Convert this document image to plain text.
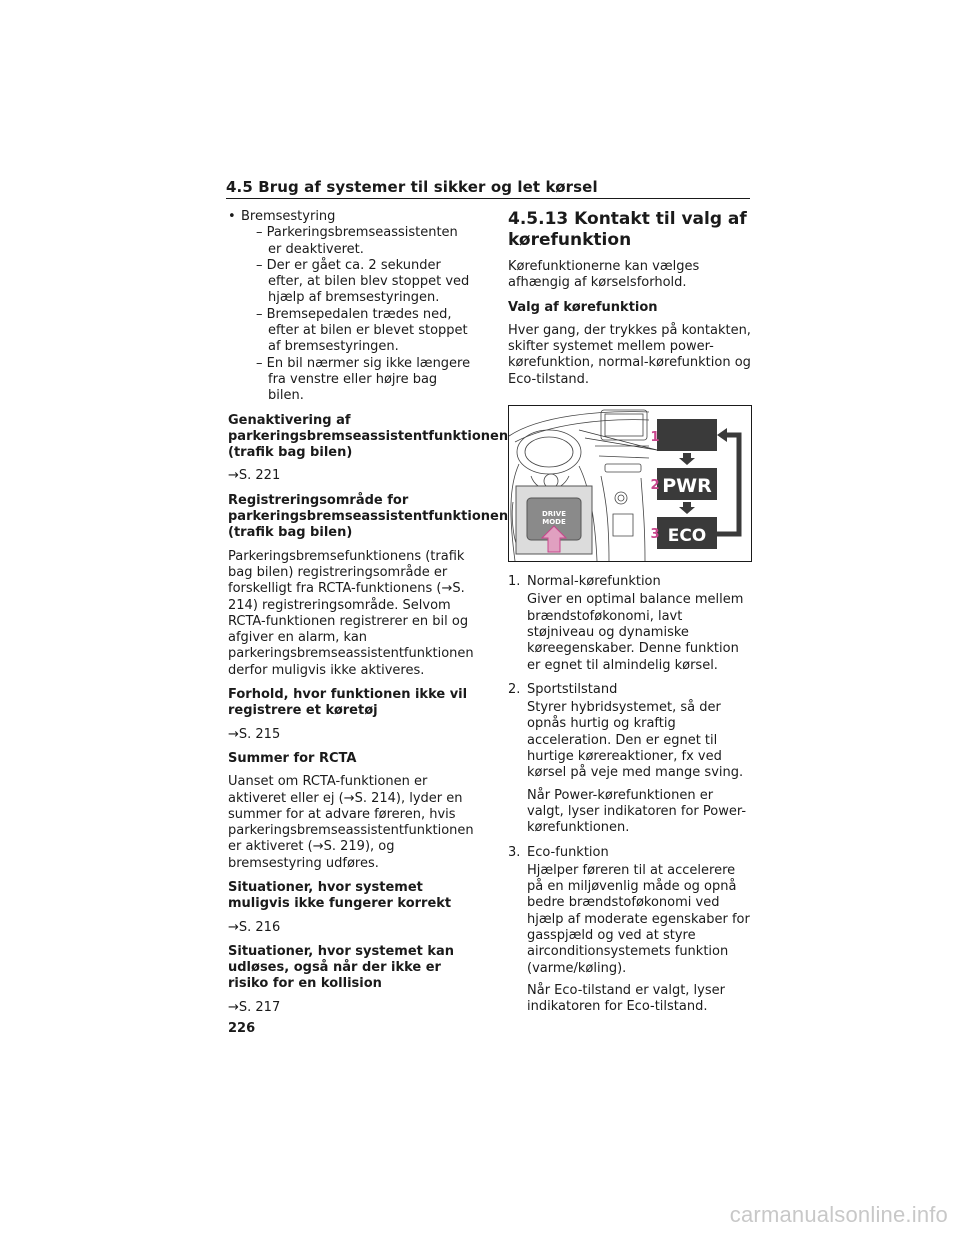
4.5 Brug af systemer til sikker og let kørsel
• Bremsestyring
– Parkeringsbremseassistenten er deaktiveret.
– Der er gået ca. 2 sekunder efter, at bilen blev stoppet ved hjælp af bremsestyringen.
– Bremsepedalen trædes ned, efter at bilen er blevet stoppet af bremsestyringen.
– En bil nærmer sig ikke længere fra venstre eller højre bag bilen.
Genaktivering af parkeringsbremseassistentfunktionen (trafik bag bilen)
→S. 221
Registreringsområde for parkeringsbremseassistentfunktionen (trafik bag bilen)
Parkeringsbremsefunktionens (trafik bag bilen) registreringsområde er forskelligt fra RCTA-funktionens (→S. 214) registreringsområde. Selvom RCTA-funktionen registrerer en bil og afgiver en alarm, kan parkeringsbremseassistentfunktionen derfor muligvis ikke aktiveres.
Forhold, hvor funktionen ikke vil registrere et køretøj
→S. 215
Summer for RCTA
Uanset om RCTA-funktionen er aktiveret eller ej (→S. 214), lyder en summer for at advare føreren, hvis parkeringsbremseassistentfunktionen er aktiveret (→S. 219), og bremsestyring udføres.
Situationer, hvor systemet muligvis ikke fungerer korrekt
→S. 216
Situationer, hvor systemet kan udløses, også når der ikke er risiko for en kollision
→S. 217
4.5.13 Kontakt til valg af kørefunktion
Kørefunktionerne kan vælges afhængig af kørselsforhold.
Valg af kørefunktion
Hver gang, der trykkes på kontakten, skifter systemet mellem power-kørefunktion, normal-kørefunktion og Eco-tilstand.
DRIVE
MODE
PWR
ECO
1
2
3
1. Normal-kørefunktion
Giver en optimal balance mellem brændstoføkonomi, lavt støjniveau og dynamiske køreegenskaber. Denne funktion er egnet til almindelig kørsel.
2. Sportstilstand
Styrer hybridsystemet, så der opnås hurtig og kraftig acceleration. Den er egnet til hurtige kørereaktioner, fx ved kørsel på veje med mange sving.
Når Power-kørefunktionen er valgt, lyser indikatoren for Power-kørefunktionen.
3. Eco-funktion
Hjælper føreren til at accelerere på en miljøvenlig måde og opnå bedre brændstoføkonomi ved hjælp af moderate egenskaber for gasspjæld og ved at styre airconditionsystemets funktion (varme/køling).
Når Eco-tilstand er valgt, lyser indikatoren for Eco-tilstand.
226
carmanualsonline.info
